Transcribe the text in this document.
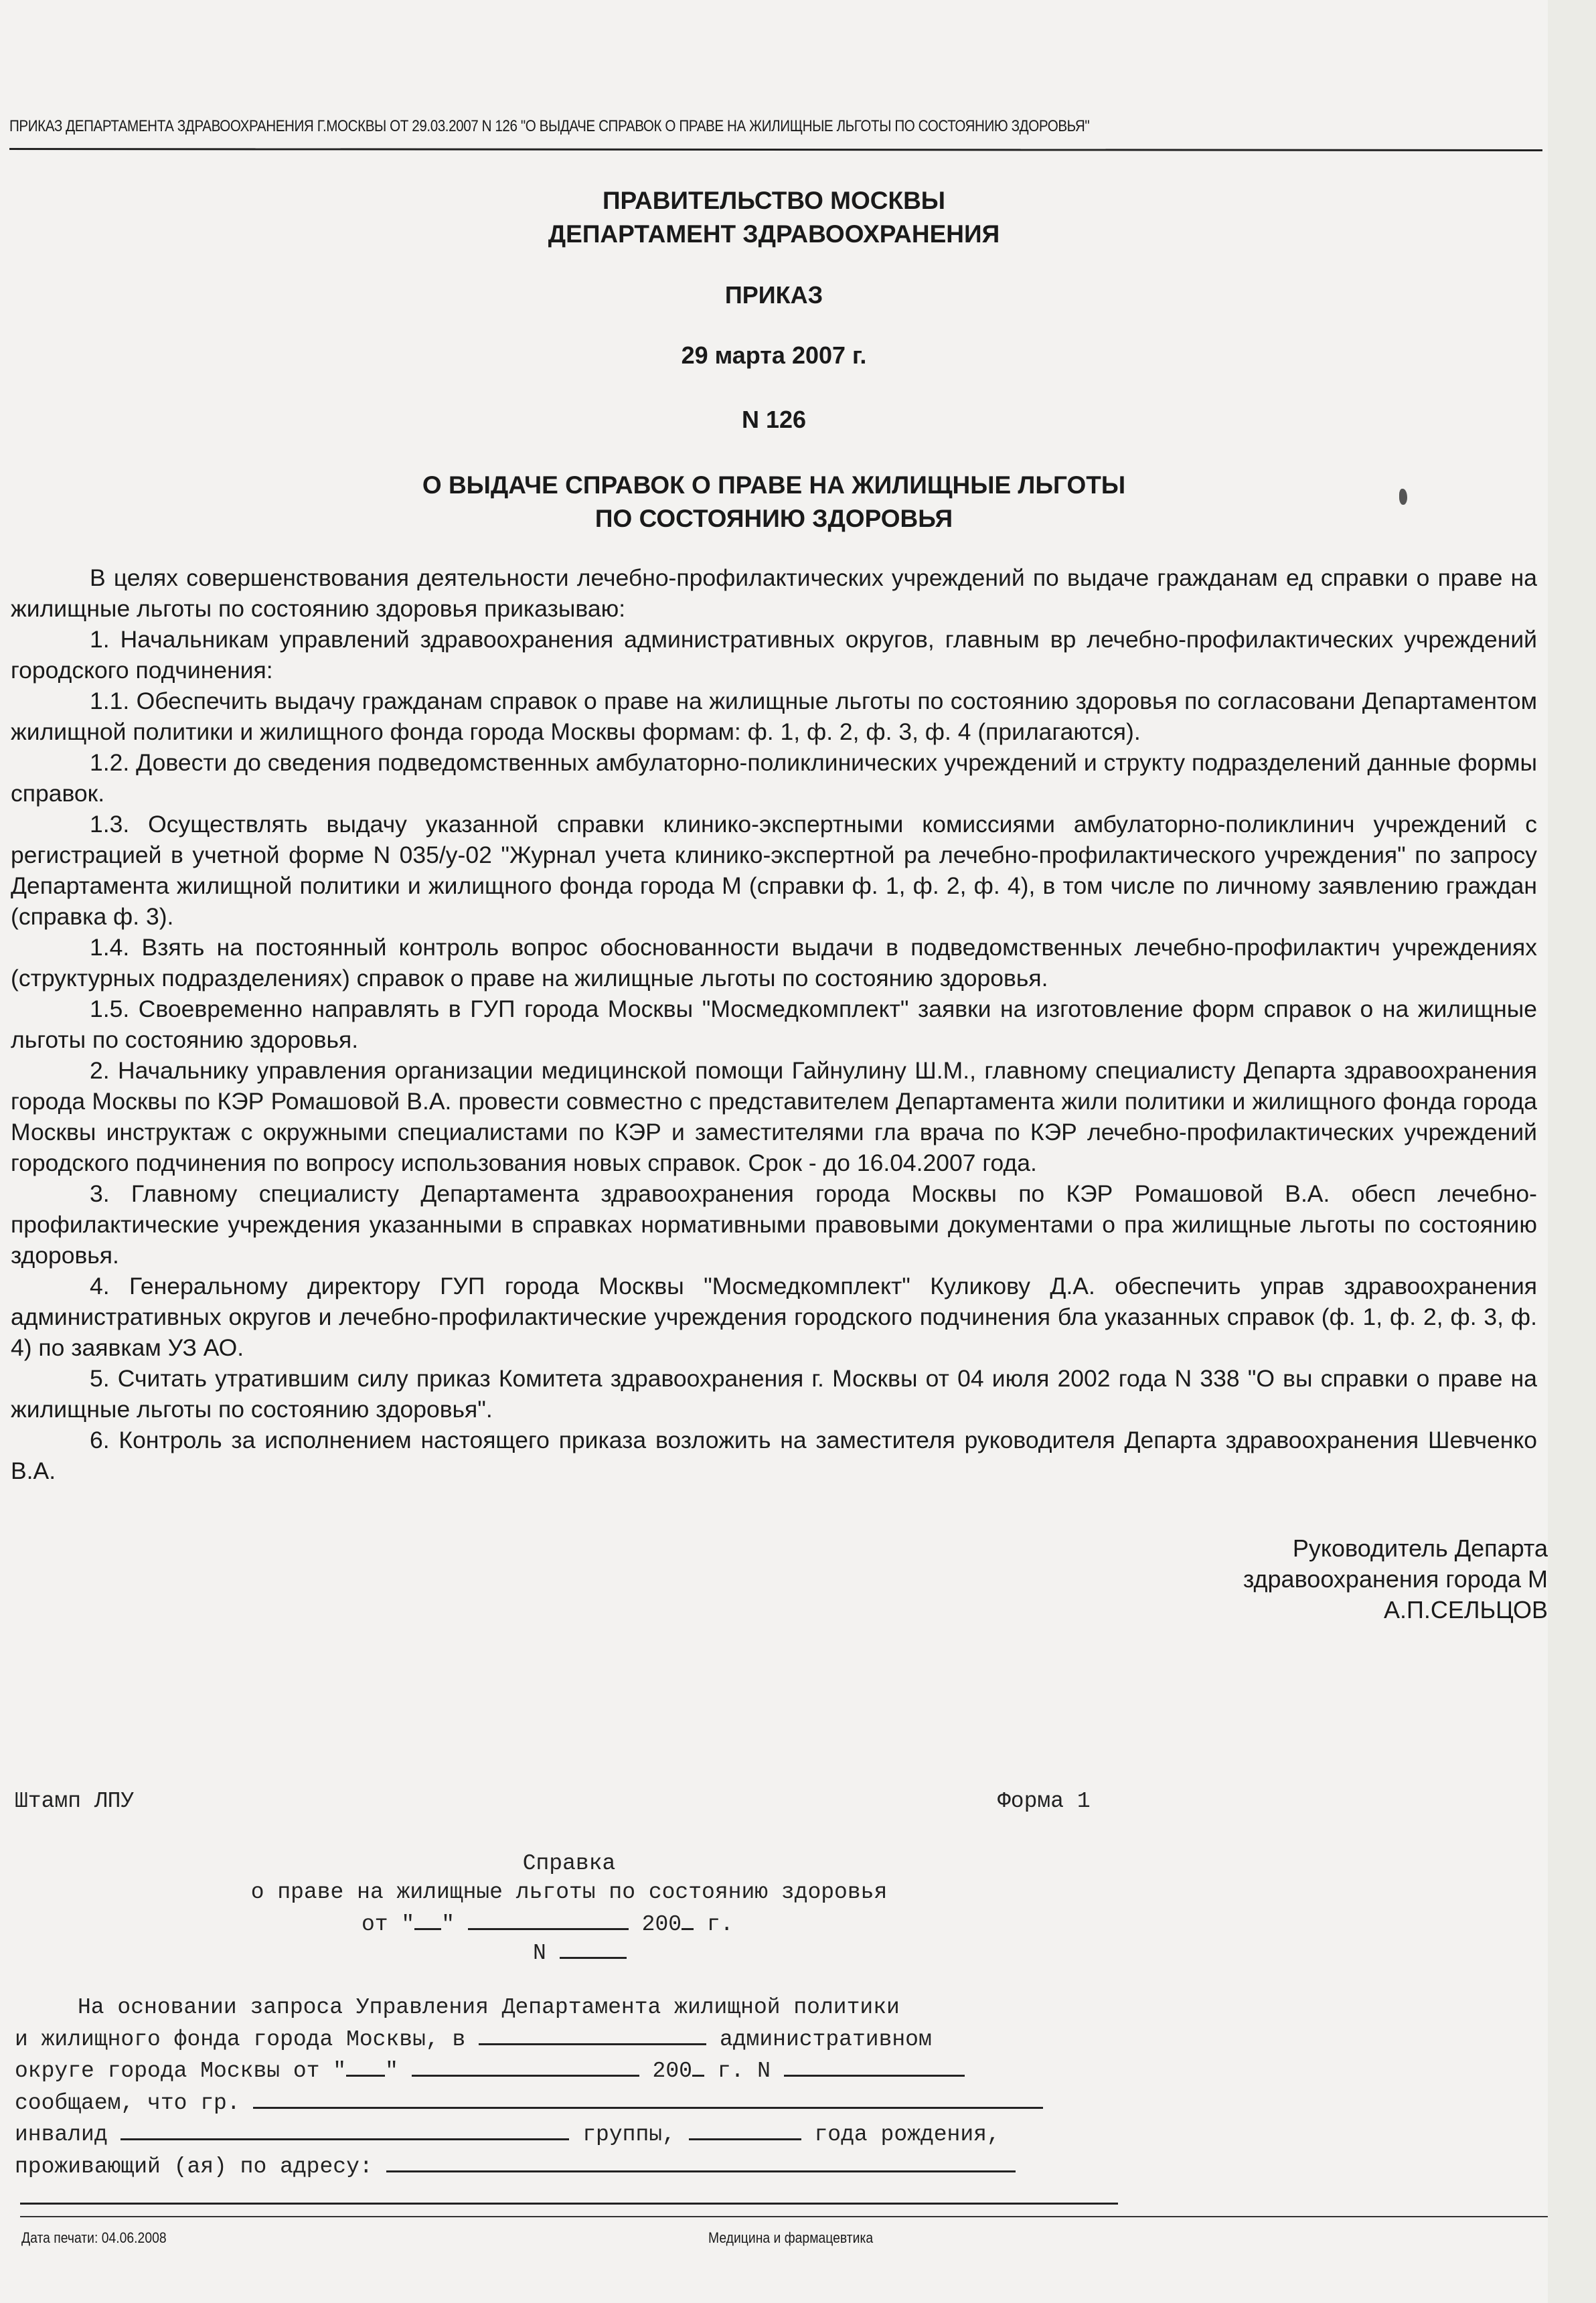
ПРИКАЗ ДЕПАРТАМЕНТА ЗДРАВООХРАНЕНИЯ Г.МОСКВЫ ОТ 29.03.2007 N 126 "О ВЫДАЧЕ СПРАВОК О ПРАВЕ НА ЖИЛИЩНЫЕ ЛЬГОТЫ ПО СОСТОЯНИЮ ЗДОРОВЬЯ"
ПРАВИТЕЛЬСТВО МОСКВЫ
ДЕПАРТАМЕНТ ЗДРАВООХРАНЕНИЯ
ПРИКАЗ
29 марта 2007 г.
N 126
О ВЫДАЧЕ СПРАВОК О ПРАВЕ НА ЖИЛИЩНЫЕ ЛЬГОТЫ
ПО СОСТОЯНИЮ ЗДОРОВЬЯ

В целях совершенствования деятельности лечебно-профилактических учреждений по выдаче гражданам ед справки о праве на жилищные льготы по состоянию здоровья приказываю:

1. Начальникам управлений здравоохранения административных округов, главным вр лечебно-профилактических учреждений городского подчинения:

1.1. Обеспечить выдачу гражданам справок о праве на жилищные льготы по состоянию здоровья по согласовани Департаментом жилищной политики и жилищного фонда города Москвы формам: ф. 1, ф. 2, ф. 3, ф. 4 (прилагаются).

1.2. Довести до сведения подведомственных амбулаторно-поликлинических учреждений и структу подразделений данные формы справок.

1.3. Осуществлять выдачу указанной справки клинико-экспертными комиссиями амбулаторно-поликлинич учреждений с регистрацией в учетной форме N 035/у-02 "Журнал учета клинико-экспертной ра лечебно-профилактического учреждения" по запросу Департамента жилищной политики и жилищного фонда города М (справки ф. 1, ф. 2, ф. 4), в том числе по личному заявлению граждан (справка ф. 3).

1.4. Взять на постоянный контроль вопрос обоснованности выдачи в подведомственных лечебно-профилактич учреждениях (структурных подразделениях) справок о праве на жилищные льготы по состоянию здоровья.

1.5. Своевременно направлять в ГУП города Москвы "Мосмедкомплект" заявки на изготовление форм справок о на жилищные льготы по состоянию здоровья.

2. Начальнику управления организации медицинской помощи Гайнулину Ш.М., главному специалисту Департа здравоохранения города Москвы по КЭР Ромашовой В.А. провести совместно с представителем Департамента жили политики и жилищного фонда города Москвы инструктаж с окружными специалистами по КЭР и заместителями гла врача по КЭР лечебно-профилактических учреждений городского подчинения по вопросу использования новых справок. Срок - до 16.04.2007 года.

3. Главному специалисту Департамента здравоохранения города Москвы по КЭР Ромашовой В.А. обесп лечебно-профилактические учреждения указанными в справках нормативными правовыми документами о пра жилищные льготы по состоянию здоровья.

4. Генеральному директору ГУП города Москвы "Мосмедкомплект" Куликову Д.А. обеспечить управ здравоохранения административных округов и лечебно-профилактические учреждения городского подчинения бла указанных справок (ф. 1, ф. 2, ф. 3, ф. 4) по заявкам УЗ АО.

5. Считать утратившим силу приказ Комитета здравоохранения г. Москвы от 04 июля 2002 года N 338 "О вы справки о праве на жилищные льготы по состоянию здоровья".

6. Контроль за исполнением настоящего приказа возложить на заместителя руководителя Департа здравоохранения Шевченко В.А.

Руководитель Департа
здравоохранения города М
А.П.СЕЛЬЦОВ
Штамп ЛПУ	Форма 1
Справка
о праве на жилищные льготы по состоянию здоровья
от " "	200 г.
N
На основании запроса Управления Департамента жилищной политики
и жилищного фонда города Москвы, в	административном
округе города Москвы от " "	200 г. N
сообщаем, что гр.
инвалид	группы,	года рождения,
проживающий (ая) по адресу:
Дата печати: 04.06.2008	Медицина и фармацевтика
